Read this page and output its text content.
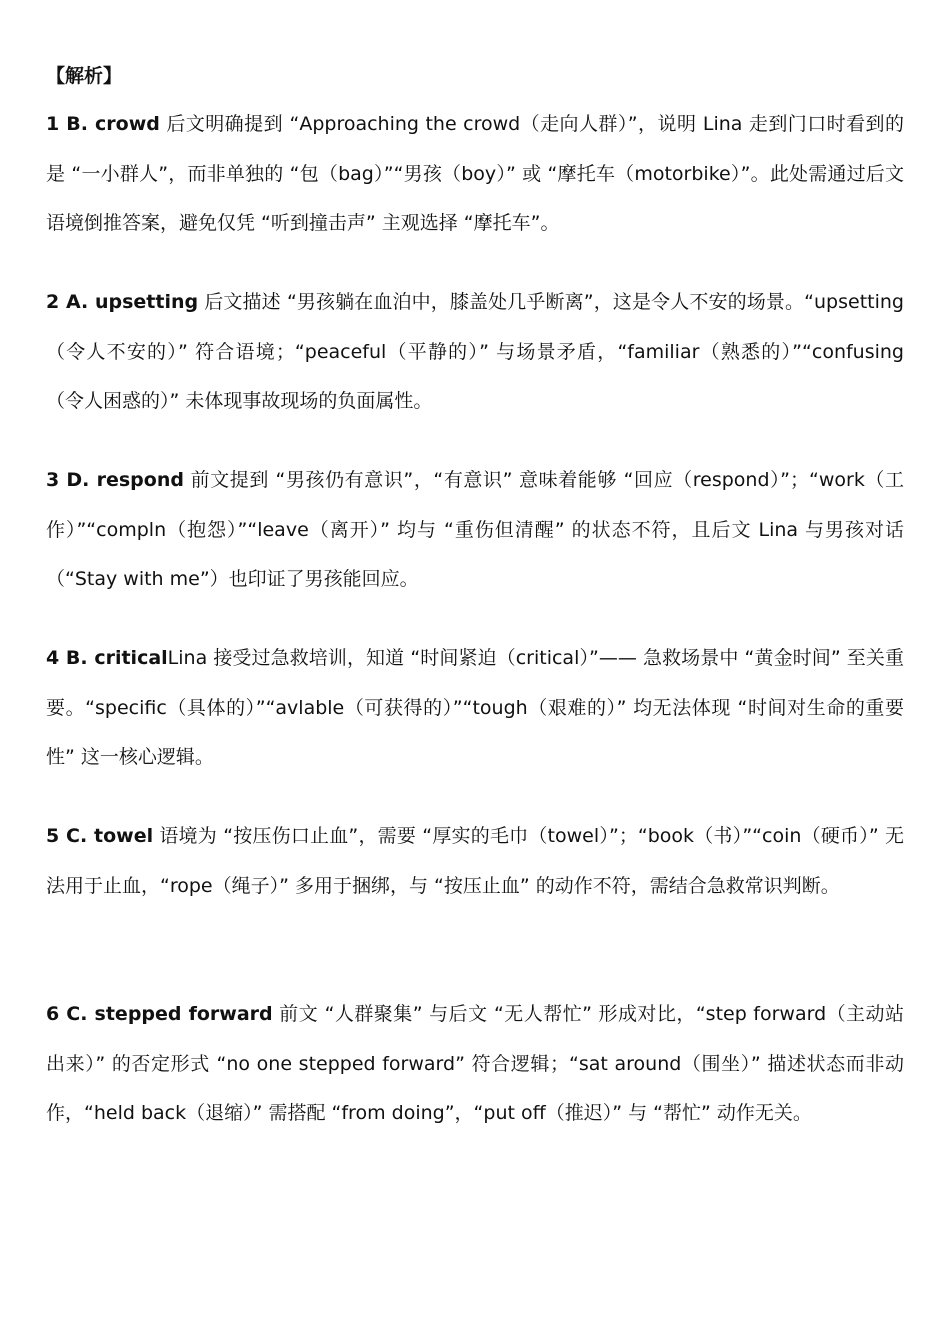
【解析】

1 B. crowd 后文明确提到 “Approaching the crowd（走向人群）”，说明 Lina 走到门口时看到的是 “一小群人”，而非单独的 “包（bag）”“男孩（boy）” 或 “摩托车（motorbike）”。此处需通过后文语境倒推答案，避免仅凭 “听到撞击声” 主观选择 “摩托车”。

2 A. upsetting 后文描述 “男孩躺在血泊中，膝盖处几乎断离”，这是令人不安的场景。“upsetting（令人不安的）” 符合语境；“peaceful（平静的）” 与场景矛盾，“familiar（熟悉的）”“confusing（令人困惑的）” 未体现事故现场的负面属性。

3 D. respond 前文提到 “男孩仍有意识”，“有意识” 意味着能够 “回应（respond）”；“work（工作）”“compln（抱怨）”“leave（离开）” 均与 “重伤但清醒” 的状态不符，且后文 Lina 与男孩对话（“Stay with me”）也印证了男孩能回应。

4 B. criticalLina 接受过急救培训，知道 “时间紧迫（critical）”—— 急救场景中 “黄金时间” 至关重要。“specific（具体的）”“avlable（可获得的）”“tough（艰难的）” 均无法体现 “时间对生命的重要性” 这一核心逻辑。

5 C. towel 语境为 “按压伤口止血”，需要 “厚实的毛巾（towel）”；“book（书）”“coin（硬币）” 无法用于止血，“rope（绳子）” 多用于捆绑，与 “按压止血” 的动作不符，需结合急救常识判断。

6 C. stepped forward 前文 “人群聚集” 与后文 “无人帮忙” 形成对比，“step forward（主动站出来）” 的否定形式 “no one stepped forward” 符合逻辑；“sat around（围坐）” 描述状态而非动作，“held back（退缩）” 需搭配 “from doing”，“put off（推迟）” 与 “帮忙” 动作无关。
